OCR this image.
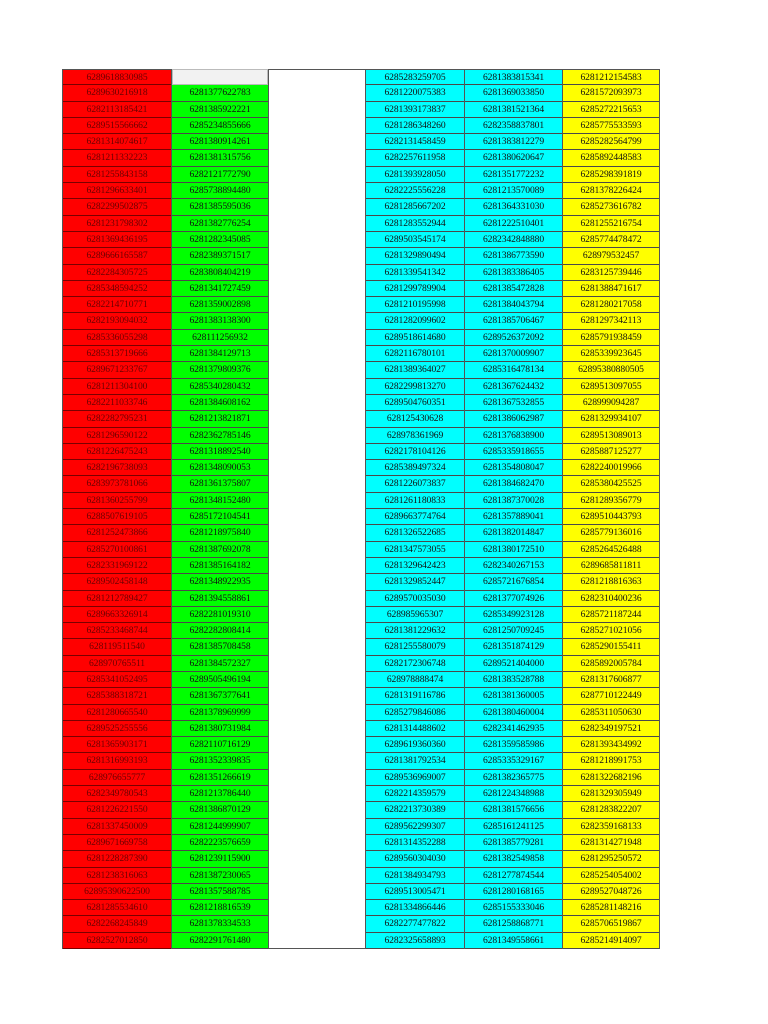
6289618830985
6289630216918
6282113185421
6289515566662
6281314074617
6281211332223
6281255843158
6281296633401
6282299502875
6281231798302
6281369436195
6289666165587
6282284305725
6285348594252
6282214710771
6282193094032
6285336055298
6285313719666
6289671233767
6281211304100
6282211033746
6282282795231
6281296590122
6281226475243
6282196738093
6283973781066
6281360255799
6288507619105
6281252473866
6285270100861
6282331969122
6289502458148
6281212789427
6289663326914
6285233468744
628119511540
628970765511
6285341052495
6285388318721
6281280665540
6289525255556
6281365903171
6281316993193
628976655777
6282349780543
6281226221550
6281337450009
6289671669758
6281228287390
6281238316063
62895390622500
6281285534610
6282268245849
6282527012850
6281377622783
6281385922221
6285234855666
6281380914261
6281381315756
6282121772790
6285738894480
6281385595036
6281382776254
6281282345085
6282389371517
6283808404219
6281341727459
6281359002898
6281383138300
628111256932
6281384129713
6281379809376
6285340280432
6281384608162
6281213821871
6282362785146
6281318892540
6281348090053
6281361375807
6281348152480
6285172104541
6281218975840
6281387692078
6281385164182
6281348922935
6281394558861
6282281019310
6282282808414
6281385708458
6281384572327
6289505496194
6281367377641
6281378969999
6281380731984
6282110716129
6281352339835
6281351266619
6281213786440
6281386870129
6281244999907
6282223576659
6281239115900
6281387230065
6281357588785
6281218816539
6281378334533
6282291761480
6285283259705
6281220075383
6281393173837
6281286348260
6282131458459
6282257611958
6281393928050
6282225556228
6281285667202
6281283552944
6289503545174
6281329890494
6281339541342
6281299789904
6281210195998
6281282099602
6289518614680
6282116780101
6281389364027
6282299813270
6289504760351
628125430628
628978361969
6282178104126
6285389497324
6281226073837
6281261180833
6289663774764
6281326522685
6281347573055
6281329642423
6281329852447
6289570035030
628985965307
6281381229632
6281255580079
6282172306748
628978888474
6281319116786
6285279846086
6281314488602
6289619360360
6281381792534
6289536969007
6282214359579
6282213730389
6289562299307
6281314352288
6289560304030
6281384934793
6289513005471
6281334866446
6282277477822
6282325658893
6281383815341
6281369033850
6281381521364
6282358837801
6281383812279
6281380620647
6281351772232
6281213570089
6281364331030
6281222510401
6282342848880
6281386773590
6281383386405
6281385472828
6281384043794
6281385706467
6289526372092
6281370009907
6285316478134
6281367624432
6281367532855
6281386062987
6281376838900
6285335918655
6281354808047
6281384682470
6281387370028
6281357889041
6281382014847
6281380172510
6282340267153
6285721676854
6281377074926
6285349923128
6281250709245
6281351874129
6289521404000
6281383528788
6281381360005
6281380460004
6282341462935
6281359585986
6285335329167
6281382365775
6281224348988
6281381576656
6285161241125
6281385779281
6281382549858
6281277874544
6281280168165
6285155333046
6281258868771
6281349558661
6281212154583
6281572093973
6285272215653
6285775533593
6285282564799
6285892448583
6285298391819
6281378226424
6285273616782
6281255216754
6285774478472
628979532457
6283125739446
6281388471617
6281280217058
6281297342113
6285791938459
6285339923645
62895380880505
6289513097055
628999094287
6281329934107
6289513089013
6285887125277
6282240019966
6285380425525
6281289356779
6289510443793
6285779136016
6285264526488
6289685811811
6281218816363
6282310400236
6285721187244
6285271021056
6285290155411
6285892005784
6281317606877
6287710122449
6285311050630
6282349197521
6281393434992
6281218991753
6281322682196
6281329305949
6281283822207
6282359168133
6281314271948
6281295250572
6285254054002
6289527048726
6285281148216
6285706519867
6285214914097
